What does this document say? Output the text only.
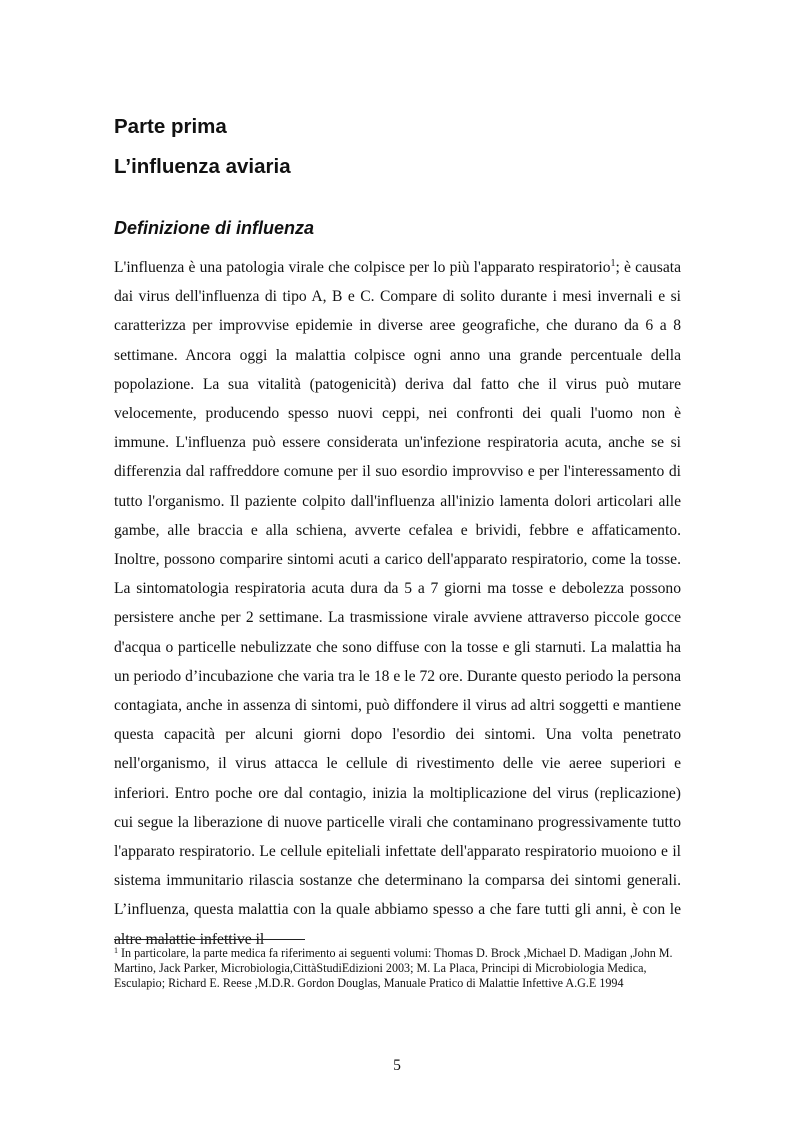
Parte prima
L’influenza aviaria
Definizione di influenza

L'influenza è una patologia virale che colpisce per lo più l'apparato respiratorio$^1$; è causata dai virus dell'influenza di tipo A, B e C. Compare di solito durante i mesi invernali e si caratterizza per improvvise epidemie in diverse aree geografiche, che durano da 6 a 8 settimane. Ancora oggi la malattia colpisce ogni anno una grande percentuale della popolazione. La sua vitalità (patogenicità) deriva dal fatto che il virus può mutare velocemente, producendo spesso nuovi ceppi, nei confronti dei quali l'uomo non è immune. L'influenza può essere considerata un'infezione respiratoria acuta, anche se si differenzia dal raffreddore comune per il suo esordio improvviso e per l'interessamento di tutto l'organismo. Il paziente colpito dall'influenza all'inizio lamenta dolori articolari alle gambe, alle braccia e alla schiena, avverte cefalea e brividi, febbre e affaticamento. Inoltre, possono comparire sintomi acuti a carico dell'apparato respiratorio, come la tosse. La sintomatologia respiratoria acuta dura da 5 a 7 giorni ma tosse e debolezza possono persistere anche per 2 settimane. La trasmissione virale avviene attraverso piccole gocce d'acqua o particelle nebulizzate che sono diffuse con la tosse e gli starnuti. La malattia ha un periodo d’incubazione che varia tra le 18 e le 72 ore. Durante questo periodo la persona contagiata, anche in assenza di sintomi, può diffondere il virus ad altri soggetti e mantiene questa capacità per alcuni giorni dopo l'esordio dei sintomi. Una volta penetrato nell'organismo, il virus attacca le cellule di rivestimento delle vie aeree superiori e inferiori. Entro poche ore dal contagio, inizia la moltiplicazione del virus (replicazione) cui segue la liberazione di nuove particelle virali che contaminano progressivamente tutto l'apparato respiratorio. Le cellule epiteliali infettate dell'apparato respiratorio muoiono e il sistema immunitario rilascia sostanze che determinano la comparsa dei sintomi generali. L’influenza, questa malattia con la quale abbiamo spesso a che fare tutti gli anni, è con le altre malattie infettive il

$^1$ In particolare, la parte medica fa riferimento ai seguenti volumi: Thomas D. Brock ,Michael D. Madigan ,John M. Martino, Jack Parker, Microbiologia,CittàStudiEdizioni 2003; M. La Placa, Principi di Microbiologia Medica, Esculapio; Richard E. Reese ,M.D.R. Gordon Douglas, Manuale Pratico di Malattie Infettive A.G.E 1994

5
